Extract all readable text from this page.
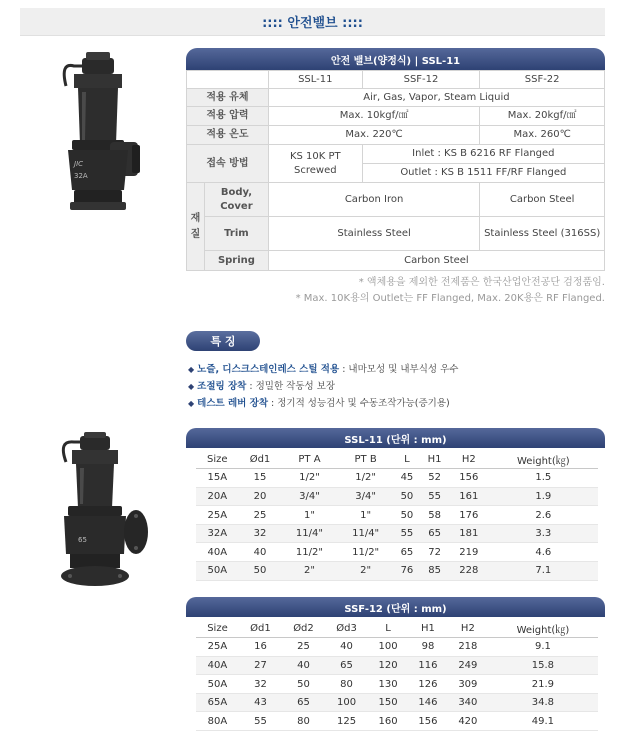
:::: 안전밸브 ::::
JIC
32A
안전 밸브(양정식) | SSL-11
		SSL-11	SSF-12	SSF-22
적용 유체		Air, Gas, Vapor, Steam Liquid		
적용 압력		Max. 10kgf/㎠		Max. 20kgf/㎠
적용 온도		Max. 220℃		Max. 260℃
접속 방법		KS 10K PT Screwed	Inlet : KS B 6216 RF Flanged	
			Outlet : KS B 1511 FF/RF Flanged	
재질	Body, Cover	Carbon Iron		Carbon Steel
	Trim	Stainless Steel		Stainless Steel (316SS)
	Spring	Carbon Steel		
* 액체용을 제외한 전제품은 한국산업안전공단 검정품임.
* Max. 10K용의 Outlet는 FF Flanged, Max. 20K용은 RF Flanged.
특 징
◆ 노즐, 디스크스테인레스 스틸 적용 : 내마모성 및 내부식성 우수
◆ 조절링 장착 : 정밀한 작동성 보장
◆ 테스트 레버 장착 : 정기적 성능검사 및 수동조작가능(증기용)
65
SSL-11 (단위 : mm)
Size	Ød1	PT A	PT B	L	H1	H2	Weight(㎏)
15A	15	1/2"	1/2"	45	52	156	1.5
20A	20	3/4"	3/4"	50	55	161	1.9
25A	25	1"	1"	50	58	176	2.6
32A	32	11/4"	11/4"	55	65	181	3.3
40A	40	11/2"	11/2"	65	72	219	4.6
50A	50	2"	2"	76	85	228	7.1
SSF-12 (단위 : mm)
Size	Ød1	Ød2	Ød3	L	H1	H2	Weight(㎏)
25A	16	25	40	100	98	218	9.1
40A	27	40	65	120	116	249	15.8
50A	32	50	80	130	126	309	21.9
65A	43	65	100	150	146	340	34.8
80A	55	80	125	160	156	420	49.1
